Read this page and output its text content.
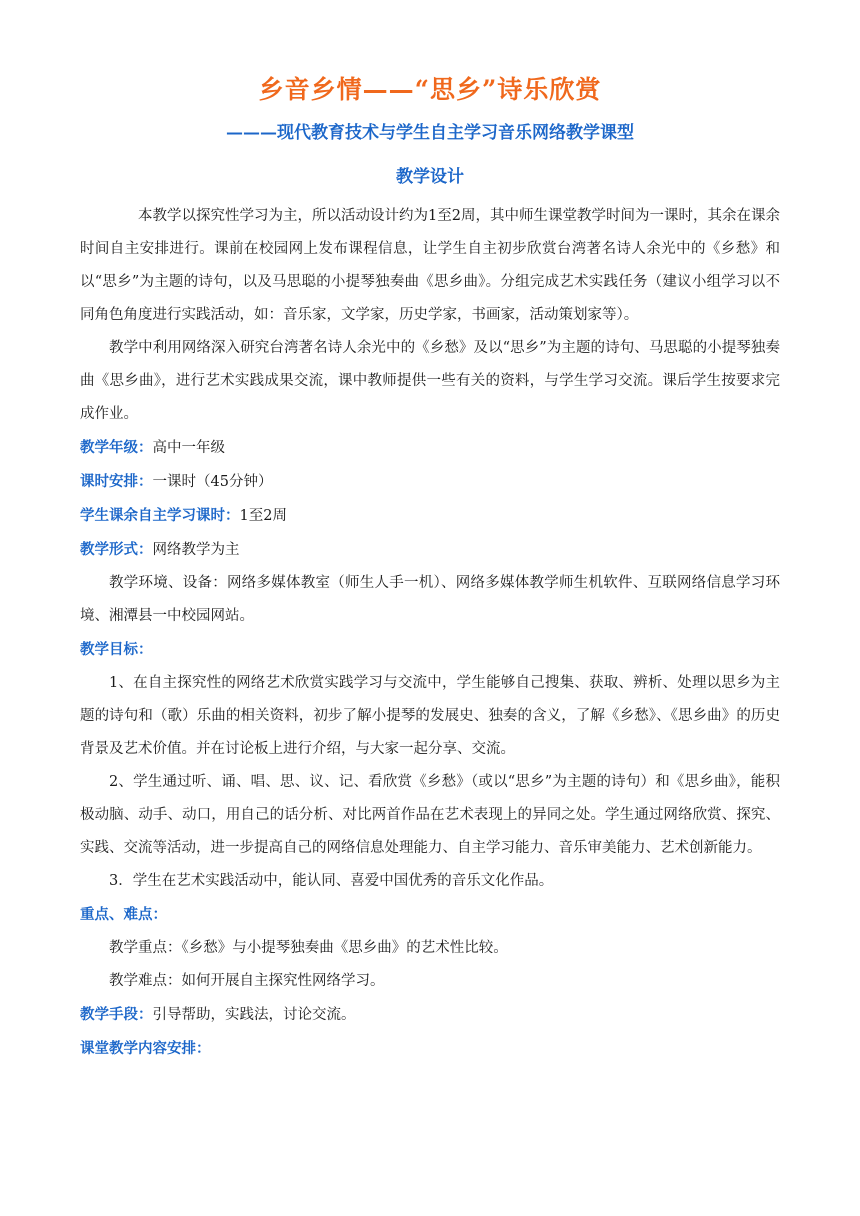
乡音乡情——“思乡”诗乐欣赏
———现代教育技术与学生自主学习音乐网络教学课型
教学设计

本教学以探究性学习为主，所以活动设计约为1至2周，其中师生课堂教学时间为一课时，其余在课余时间自主安排进行。课前在校园网上发布课程信息，让学生自主初步欣赏台湾著名诗人余光中的《乡愁》和以“思乡”为主题的诗句，以及马思聪的小提琴独奏曲《思乡曲》。分组完成艺术实践任务（建议小组学习以不同角色角度进行实践活动，如：音乐家，文学家，历史学家，书画家，活动策划家等）。

教学中利用网络深入研究台湾著名诗人余光中的《乡愁》及以“思乡”为主题的诗句、马思聪的小提琴独奏曲《思乡曲》，进行艺术实践成果交流，课中教师提供一些有关的资料，与学生学习交流。课后学生按要求完成作业。

教学年级：高中一年级

课时安排：一课时（45分钟）

学生课余自主学习课时：1至2周

教学形式：网络教学为主

教学环境、设备：网络多媒体教室（师生人手一机）、网络多媒体教学师生机软件、互联网络信息学习环境、湘潭县一中校园网站。

教学目标：

1、在自主探究性的网络艺术欣赏实践学习与交流中，学生能够自己搜集、获取、辨析、处理以思乡为主题的诗句和（歌）乐曲的相关资料，初步了解小提琴的发展史、独奏的含义，了解《乡愁》、《思乡曲》的历史背景及艺术价值。并在讨论板上进行介绍，与大家一起分享、交流。

2、学生通过听、诵、唱、思、议、记、看欣赏《乡愁》（或以“思乡”为主题的诗句）和《思乡曲》，能积极动脑、动手、动口，用自己的话分析、对比两首作品在艺术表现上的异同之处。学生通过网络欣赏、探究、实践、交流等活动，进一步提高自己的网络信息处理能力、自主学习能力、音乐审美能力、艺术创新能力。

3．学生在艺术实践活动中，能认同、喜爱中国优秀的音乐文化作品。

重点、难点：

教学重点：《乡愁》与小提琴独奏曲《思乡曲》的艺术性比较。

教学难点：如何开展自主探究性网络学习。

教学手段：引导帮助，实践法，讨论交流。

课堂教学内容安排：
